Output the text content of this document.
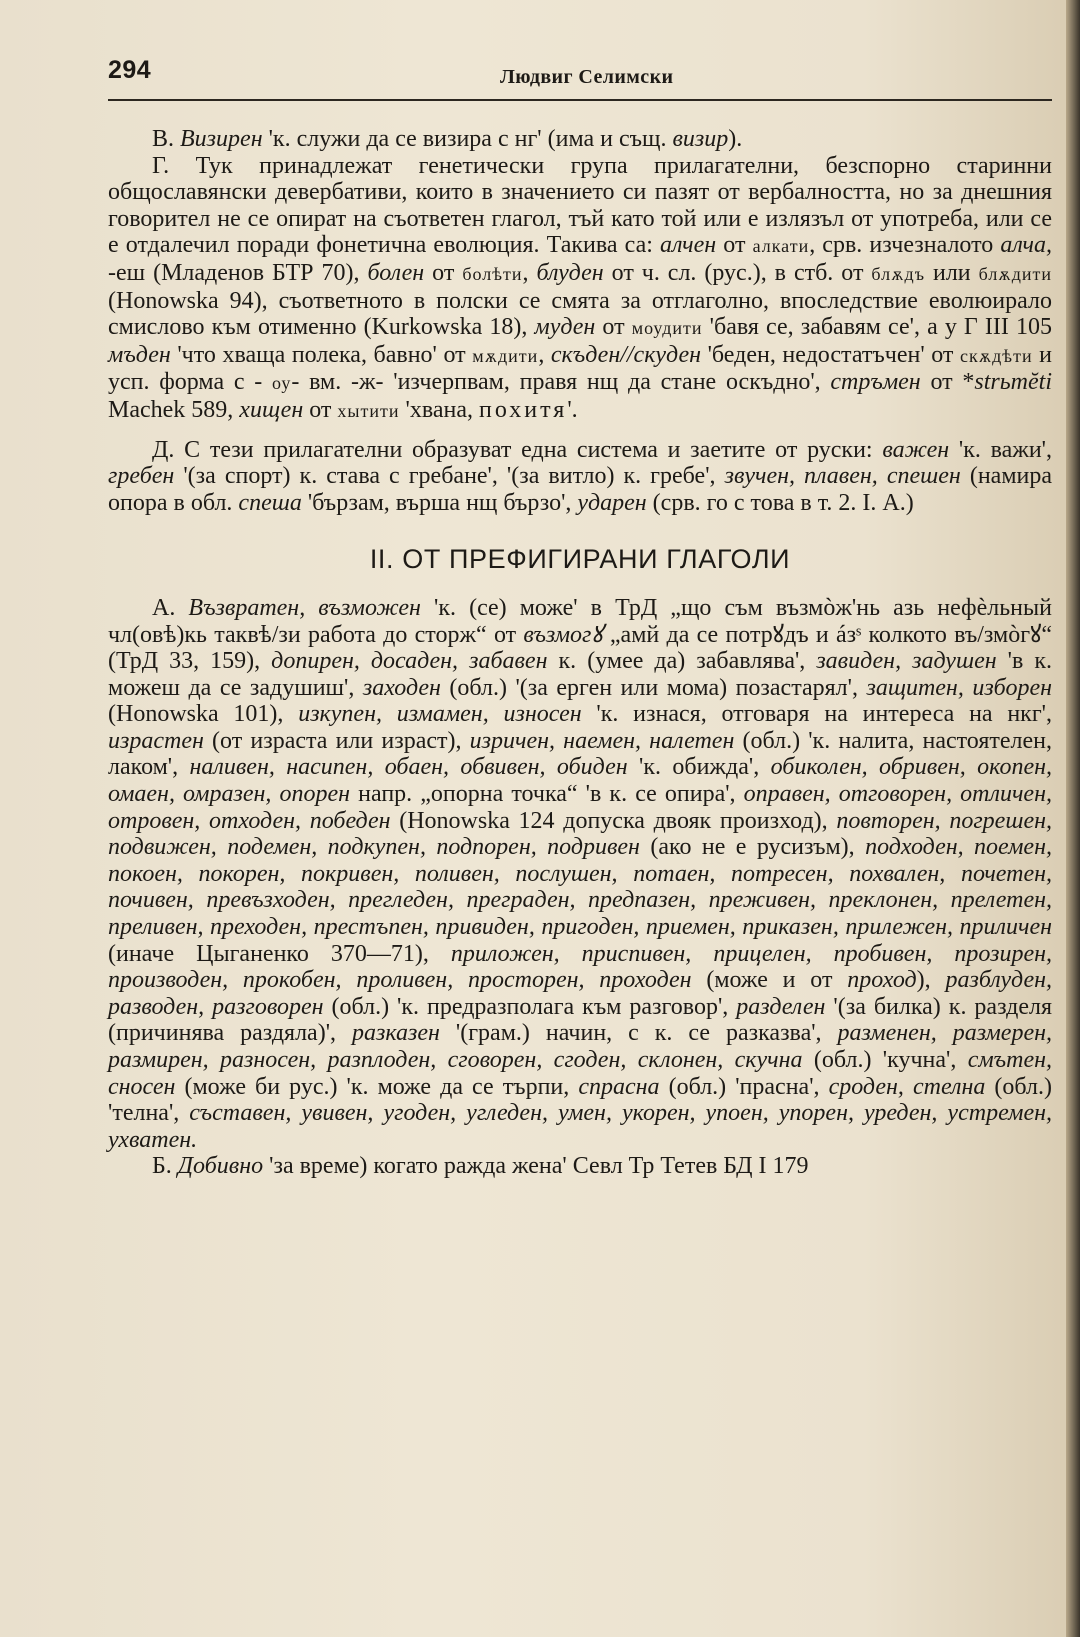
294	Людвиг Селимски

В. Визирен 'к. служи да се визира с нг' (има и същ. визир).

Г. Тук принадлежат генетически група прилагателни, безспорно старинни общославянски девербативи, които в значението си пазят от вербалността, но за днешния говорител не се опират на съответен глагол, тъй като той или е излязъл от употреба, или се е отдалечил поради фонетична еволюция. Такива са: алчен от алкати, срв. изчезналото алча, -еш (Младенов БТР 70), болен от болѣти, блуден от ч. сл. (рус.), в стб. от блѫдъ или блѫдити (Honowska 94), съответното в полски се смята за отглаголно, впоследствие еволюирало смислово към отименно (Kurkowska 18), муден от моудити 'бавя се, забавям се', а у Г III 105 мъден 'что хваща полека, бавно' от мѫдити, скъден//скуден 'беден, недостатъчен' от скѫдѣти и усп. форма с - оу- вм. -ж- 'изчерпвам, правя нщ да стане оскъдно', стръмен от *strьmĕti Machek 589, хищен от хытити 'хвана, похитя'.

Д. С тези прилагателни образуват една система и заетите от руски: важен 'к. важи', гребен '(за спорт) к. става с гребане', '(за витло) к. гребе', звучен, плавен, спешен (намира опора в обл. спеша 'бързам, върша нщ бързо', ударен (срв. го с това в т. 2. I. А.)

II. ОТ ПРЕФИГИРАНИ ГЛАГОЛИ

А. Възвратен, възможен 'к. (се) може' в ТрД „що съм възмòж'нь азь нефèльный чл(овѣ)кь таквѣ/зи работа до сторж“ от възмогꙋ „амй да се потрꙋдъ и áзˢ колкото въ/змòгꙋ“ (ТрД 33, 159), допирен, досаден, забавен к. (умее да) забавлява', завиден, задушен 'в к. можеш да се задушиш', заходен (обл.) '(за ерген или мома) позастарял', защитен, изборен (Honowska 101), изкупен, измамен, износен 'к. изнася, отговаря на интереса на нкг', израстен (от израста или израст), изричен, наемен, налетен (обл.) 'к. налита, настоятелен, лаком', наливен, насипен, обаен, обвивен, обиден 'к. обижда', обиколен, обривен, окопен, омаен, омразен, опорен напр. „опорна точка“ 'в к. се опира', оправен, отговорен, отличен, отровен, отходен, победен (Honowska 124 допуска двояк произход), повторен, погрешен, подвижен, подемен, подкупен, подпорен, подривен (ако не е русизъм), подходен, поемен, покоен, покорен, покривен, поливен, послушен, потаен, потресен, похвален, почетен, почивен, превъзходен, прегледен, преграден, предпазен, преживен, преклонен, прелетен, преливен, преходен, престъпен, привиден, пригоден, приемен, приказен, прилежен, приличен (иначе Цыганенко 370—71), приложен, приспивен, прицелен, пробивен, прозирен, производен, прокобен, проливен, просторен, проходен (може и от проход), разблуден, разводен, разговорен (обл.) 'к. предразполага към разговор', разделен '(за билка) к. разделя (причинява раздяла)', разказен '(грам.) начин, с к. се разказва', разменен, размерен, размирен, разносен, разплоден, сговорен, сгоден, склонен, скучна (обл.) 'кучна', смътен, сносен (може би рус.) 'к. може да се търпи, спрасна (обл.) 'прасна', сроден, стелна (обл.) 'телна', съставен, увивен, угоден, угледен, умен, укорен, упоен, упорен, уреден, устремен, ухватен.

Б. Добивно 'за време) когато ражда жена' Севл Тр Тетев БД I 179
